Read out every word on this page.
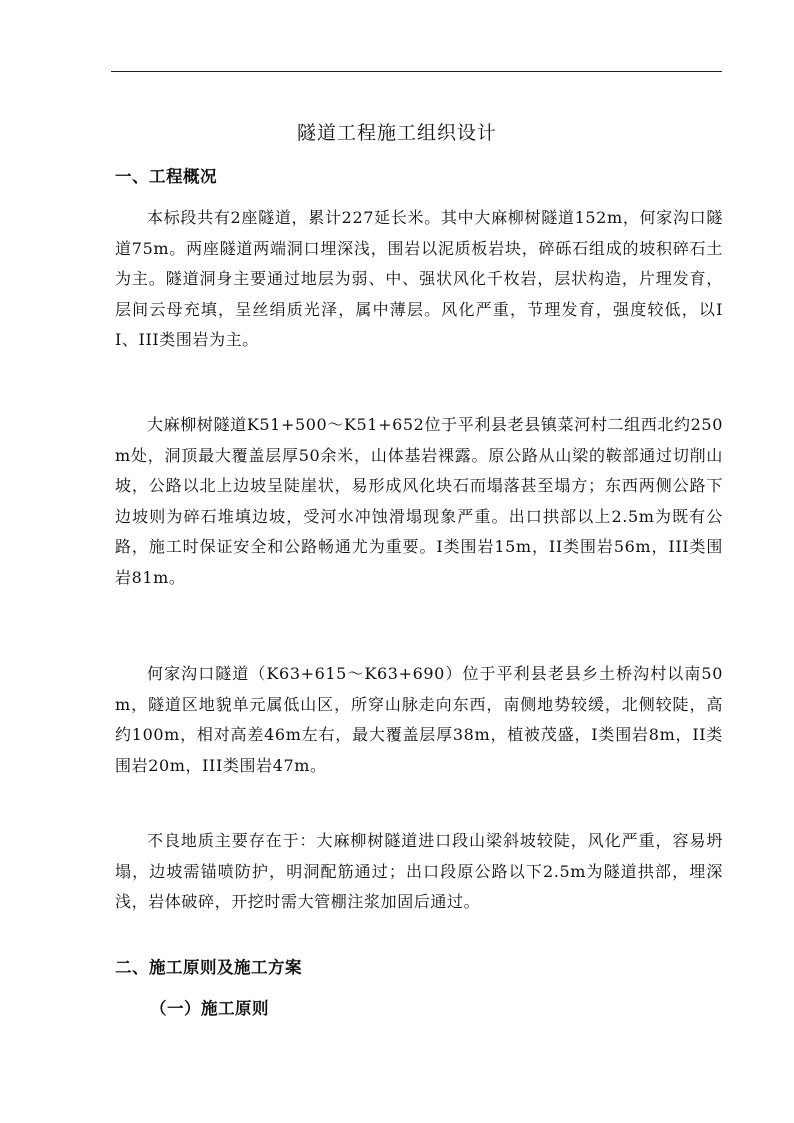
隧道工程施工组织设计
一、工程概况

本标段共有2座隧道，累计227延长米。其中大麻柳树隧道152m，何家沟口隧道75m。两座隧道两端洞口埋深浅，围岩以泥质板岩块，碎砾石组成的坡积碎石土为主。隧道洞身主要通过地层为弱、中、强状风化千枚岩，层状构造，片理发育，层间云母充填，呈丝绢质光泽，属中薄层。风化严重，节理发育，强度较低，以II、III类围岩为主。

大麻柳树隧道K51+500～K51+652位于平利县老县镇菜河村二组西北约250m处，洞顶最大覆盖层厚50余米，山体基岩裸露。原公路从山梁的鞍部通过切削山坡，公路以北上边坡呈陡崖状，易形成风化块石而塌落甚至塌方；东西两侧公路下边坡则为碎石堆填边坡，受河水冲蚀滑塌现象严重。出口拱部以上2.5m为既有公路，施工时保证安全和公路畅通尤为重要。I类围岩15m，II类围岩56m，III类围岩81m。

何家沟口隧道（K63+615～K63+690）位于平利县老县乡土桥沟村以南50m，隧道区地貌单元属低山区，所穿山脉走向东西，南侧地势较缓，北侧较陡，高约100m，相对高差46m左右，最大覆盖层厚38m，植被茂盛，I类围岩8m，II类围岩20m，III类围岩47m。

不良地质主要存在于：大麻柳树隧道进口段山梁斜坡较陡，风化严重，容易坍塌，边坡需锚喷防护，明洞配筋通过；出口段原公路以下2.5m为隧道拱部，埋深浅，岩体破碎，开挖时需大管棚注浆加固后通过。

二、施工原则及施工方案
（一）施工原则
